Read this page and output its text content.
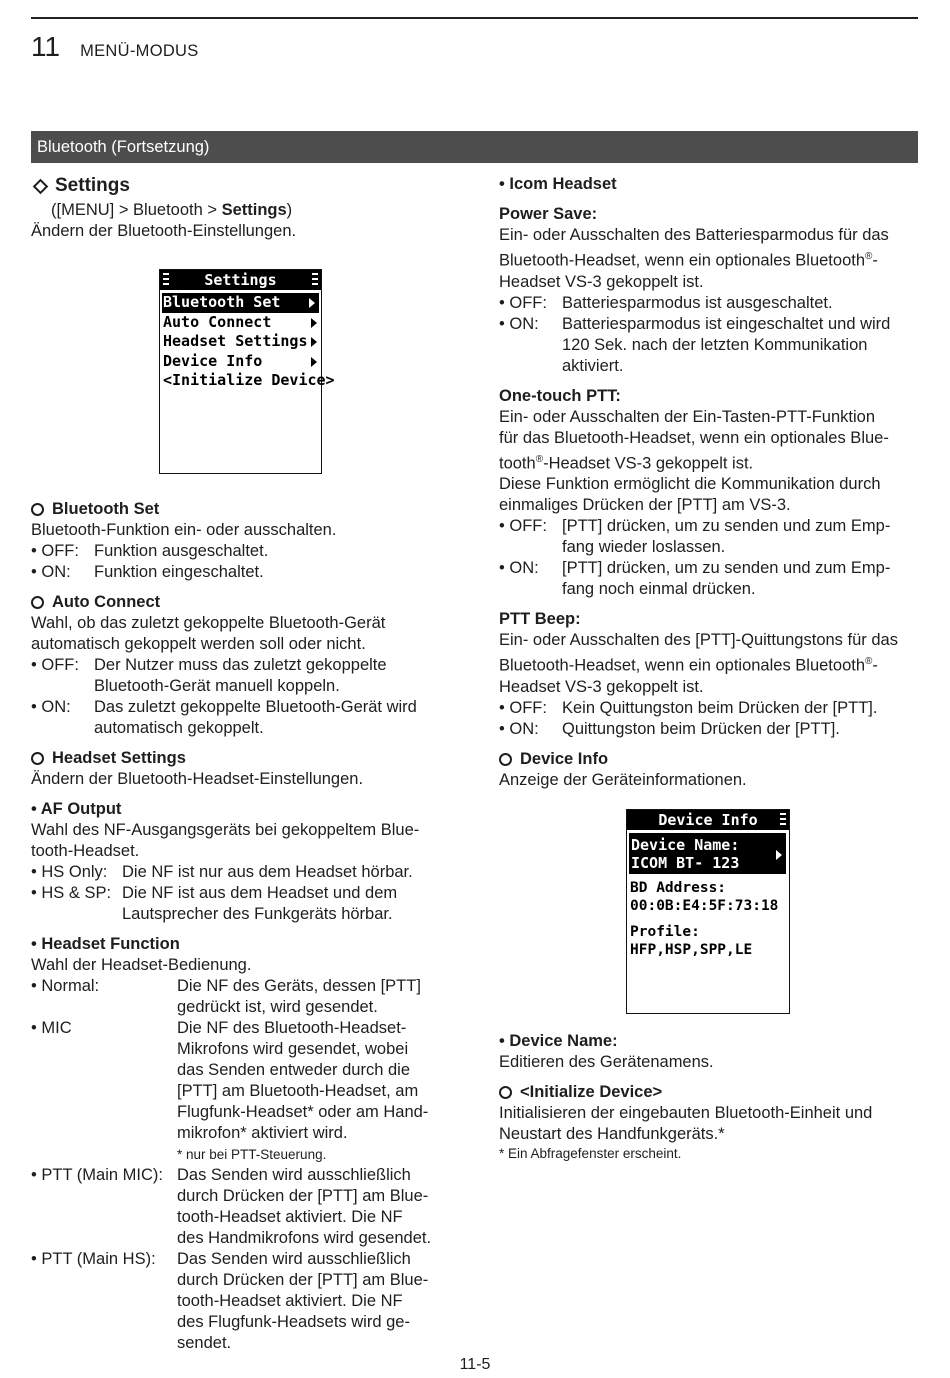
11 MENÜ-MODUS
Bluetooth (Fortsetzung)
Settings

([MENU] > Bluetooth > Settings)

Ändern der Bluetooth-Einstellungen.

Settings
Bluetooth Set
Auto Connect
Headset Settings
Device Info
<Initialize Device>
Bluetooth Set

Bluetooth-Funktion ein- oder ausschalten.

• OFF: Funktion ausgeschaltet.
• ON:	Funktion eingeschaltet.
Auto Connect

Wahl, ob das zuletzt gekoppelte Bluetooth-Gerät

automatisch gekoppelt werden soll oder nicht.

• OFF: Der Nutzer muss das zuletzt gekoppelte
Bluetooth-Gerät manuell koppeln.
• ON:	Das zuletzt gekoppelte Bluetooth-Gerät wird
automatisch gekoppelt.
Headset Settings

Ändern der Bluetooth-Headset-Einstellungen.

• AF Output

Wahl des NF-Ausgangsgeräts bei gekoppeltem Blue-

tooth-Headset.

• HS Only: Die NF ist nur aus dem Headset hörbar.
• HS & SP: Die NF ist aus dem Headset und dem
Lautsprecher des Funkgeräts hörbar.

• Headset Function

Wahl der Headset-Bedienung.

• Normal:	Die NF des Geräts, dessen [PTT]
gedrückt ist, wird gesendet.
• MIC	Die NF des Bluetooth-Headset-
Mikrofons wird gesendet, wobei
das Senden entweder durch die
[PTT] am Bluetooth-Headset, am
Flugfunk-Headset* oder am Hand-
mikrofon* aktiviert wird.
* nur bei PTT-Steuerung.
• PTT (Main MIC): Das Senden wird ausschließlich
durch Drücken der [PTT] am Blue-
tooth-Headset aktiviert. Die NF
des Handmikrofons wird gesendet.
• PTT (Main HS):	Das Senden wird ausschließlich
durch Drücken der [PTT] am Blue-
tooth-Headset aktiviert. Die NF
des Flugfunk-Headsets wird ge-
sendet.

• Icom Headset

Power Save:

Ein- oder Ausschalten des Batteriesparmodus für das

Bluetooth-Headset, wenn ein optionales Bluetooth®-

Headset VS-3 gekoppelt ist.

• OFF: Batteriesparmodus ist ausgeschaltet.
• ON:	Batteriesparmodus ist eingeschaltet und wird
120 Sek. nach der letzten Kommunikation
aktiviert.

One-touch PTT:

Ein- oder Ausschalten der Ein-Tasten-PTT-Funktion

für das Bluetooth-Headset, wenn ein optionales Blue-

tooth®-Headset VS-3 gekoppelt ist.

Diese Funktion ermöglicht die Kommunikation durch

einmaliges Drücken der [PTT] am VS-3.

• OFF: [PTT] drücken, um zu senden und zum Emp-
fang wieder loslassen.
• ON:	[PTT] drücken, um zu senden und zum Emp-
fang noch einmal drücken.

PTT Beep:

Ein- oder Ausschalten des [PTT]-Quittungstons für das

Bluetooth-Headset, wenn ein optionales Bluetooth®-

Headset VS-3 gekoppelt ist.

• OFF: Kein Quittungston beim Drücken der [PTT].
• ON:	Quittungston beim Drücken der [PTT].
Device Info

Anzeige der Geräteinformationen.

Device Info
Device Name:
ICOM BT- 123
BD Address:
00:0B:E4:5F:73:18
Profile:
HFP,HSP,SPP,LE

• Device Name:

Editieren des Gerätenamens.

<Initialize Device>

Initialisieren der eingebauten Bluetooth-Einheit und

Neustart des Handfunkgeräts.*

* Ein Abfragefenster erscheint.

11-5
